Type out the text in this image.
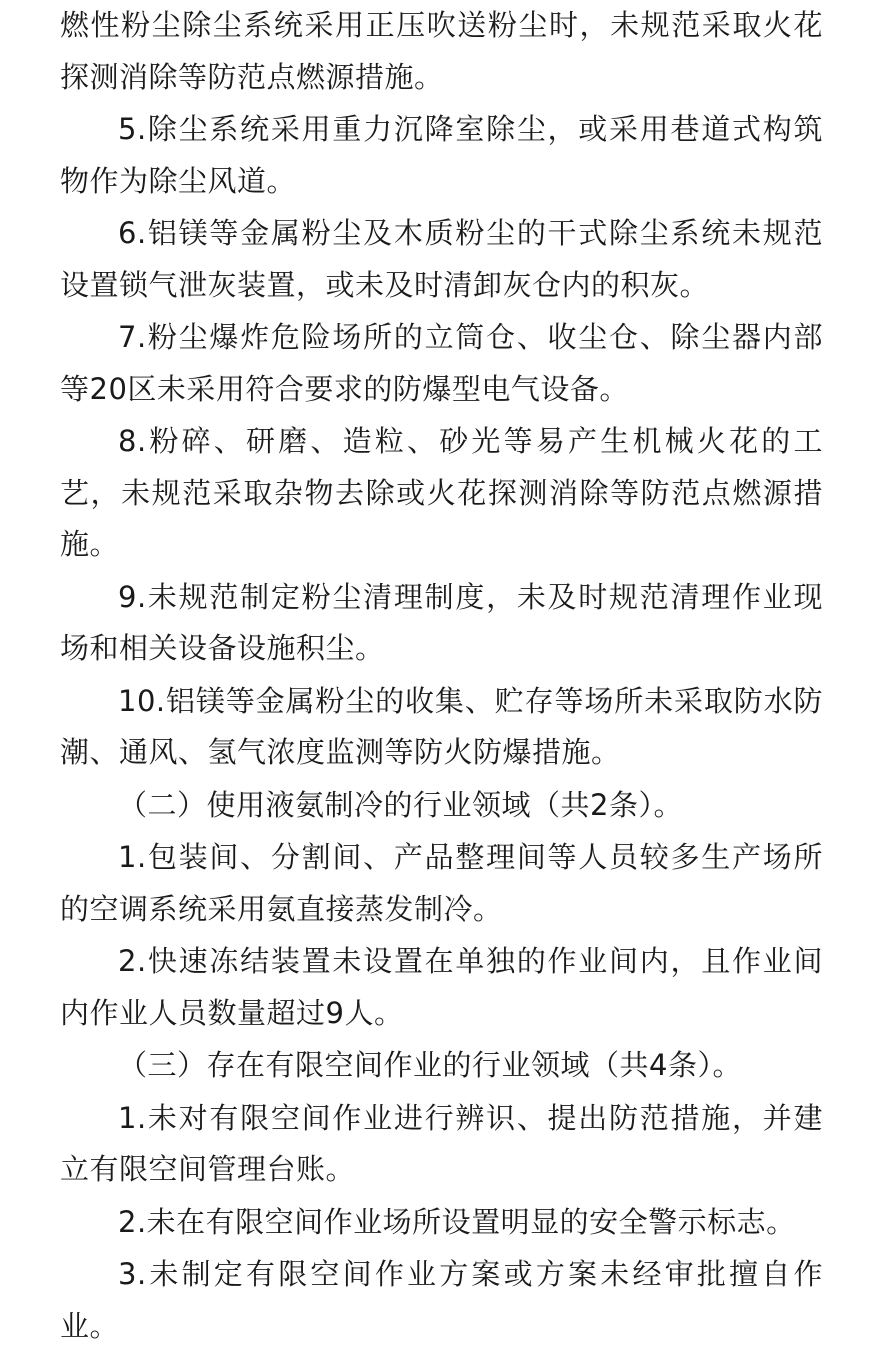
燃性粉尘除尘系统采用正压吹送粉尘时，未规范采取火花探测消除等防范点燃源措施。

5.除尘系统采用重力沉降室除尘，或采用巷道式构筑物作为除尘风道。

6.铝镁等金属粉尘及木质粉尘的干式除尘系统未规范设置锁气泄灰装置，或未及时清卸灰仓内的积灰。

7.粉尘爆炸危险场所的立筒仓、收尘仓、除尘器内部等20区未采用符合要求的防爆型电气设备。

8.粉碎、研磨、造粒、砂光等易产生机械火花的工艺，未规范采取杂物去除或火花探测消除等防范点燃源措施。

9.未规范制定粉尘清理制度，未及时规范清理作业现场和相关设备设施积尘。

10.铝镁等金属粉尘的收集、贮存等场所未采取防水防潮、通风、氢气浓度监测等防火防爆措施。

（二）使用液氨制冷的行业领域（共2条）。

1.包装间、分割间、产品整理间等人员较多生产场所的空调系统采用氨直接蒸发制冷。

2.快速冻结装置未设置在单独的作业间内，且作业间内作业人员数量超过9人。

（三）存在有限空间作业的行业领域（共4条）。

1.未对有限空间作业进行辨识、提出防范措施，并建立有限空间管理台账。

2.未在有限空间作业场所设置明显的安全警示标志。

3.未制定有限空间作业方案或方案未经审批擅自作业。
